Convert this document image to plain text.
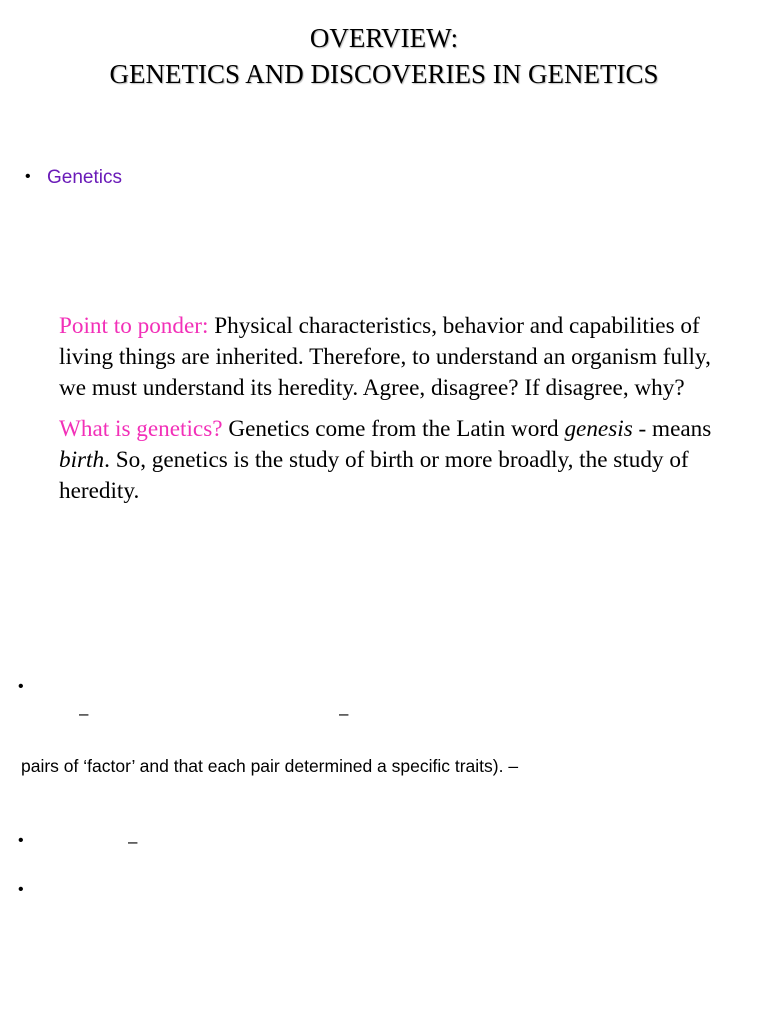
OVERVIEW:
GENETICS AND DISCOVERIES IN GENETICS
• Genetics

Point to ponder: Physical characteristics, behavior and capabilities of living things are inherited. Therefore, to understand an organism fully, we must understand its heredity. Agree, disagree? If disagree, why?

What is genetics? Genetics come from the Latin word genesis - means birth. So, genetics is the study of birth or more broadly, the study of heredity.

•
–	–
pairs of ‘factor’ and that each pair determined a specific traits). –
•	–
•
